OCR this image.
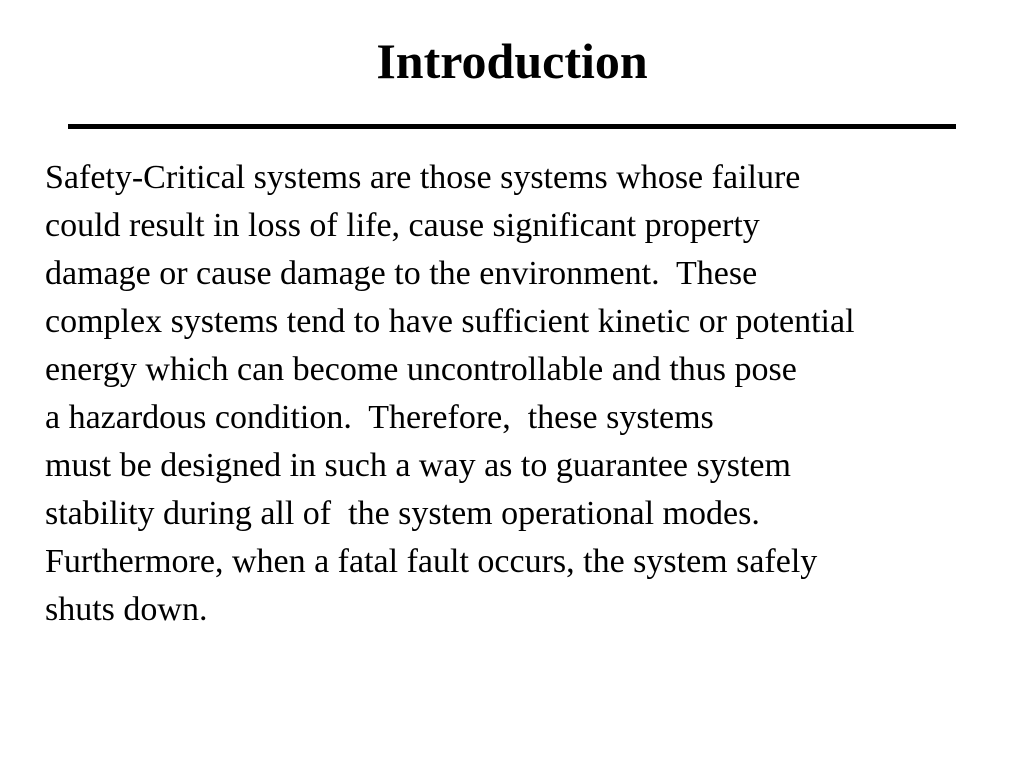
Introduction
Safety-Critical systems are those systems whose failure
could result in loss of life, cause significant property
damage or cause damage to the environment.  These
complex systems tend to have sufficient kinetic or potential
energy which can become uncontrollable and thus pose
a hazardous condition.  Therefore,  these systems
must be designed in such a way as to guarantee system
stability during all of  the system operational modes.
Furthermore, when a fatal fault occurs, the system safely
shuts down.
